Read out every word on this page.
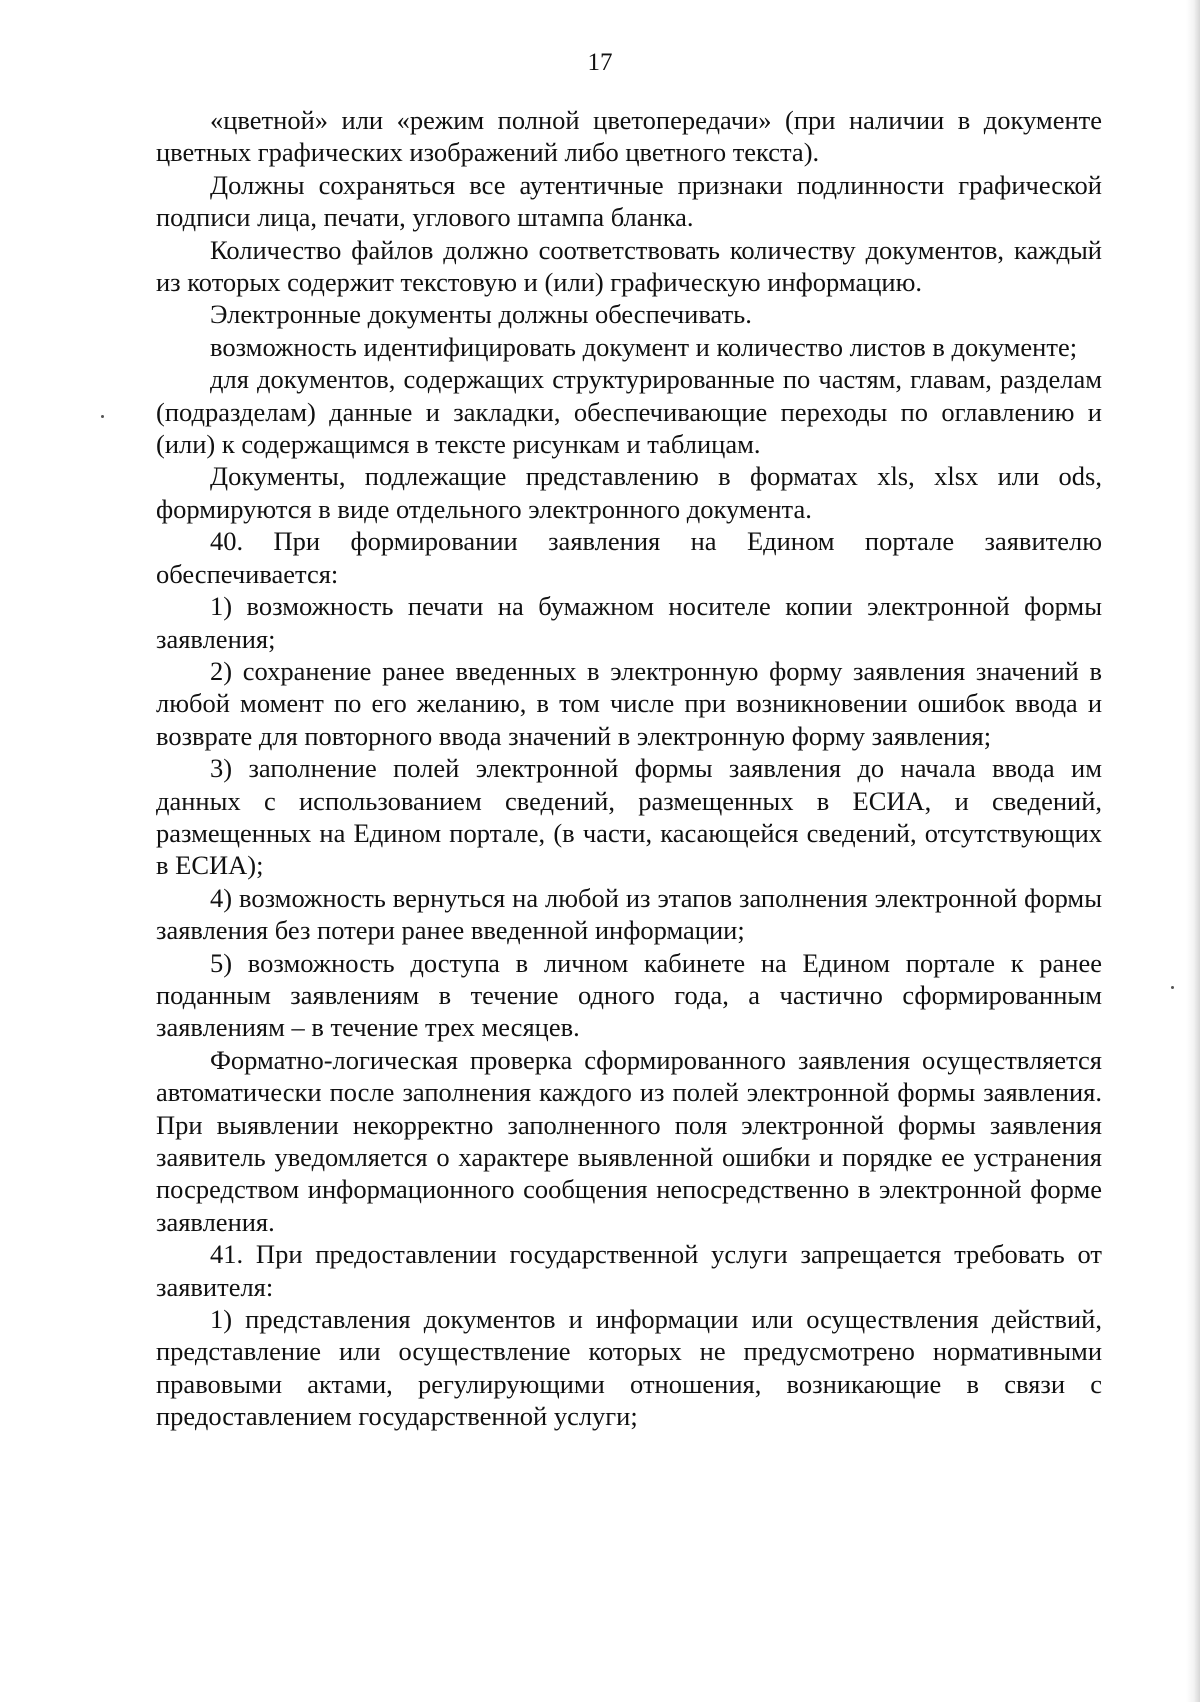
17

«цветной» или «режим полной цветопередачи» (при наличии в документе цветных графических изображений либо цветного текста).

Должны сохраняться все аутентичные признаки подлинности графической подписи лица, печати, углового штампа бланка.

Количество файлов должно соответствовать количеству документов, каждый из которых содержит текстовую и (или) графическую информацию.

Электронные документы должны обеспечивать.

возможность идентифицировать документ и количество листов в документе;

для документов, содержащих структурированные по частям, главам, разделам (подразделам) данные и закладки, обеспечивающие переходы по оглавлению и (или) к содержащимся в тексте рисункам и таблицам.

Документы, подлежащие представлению в форматах xls, xlsx или ods, формируются в виде отдельного электронного документа.

40. При формировании заявления на Едином портале заявителю обеспечивается:

1) возможность печати на бумажном носителе копии электронной формы заявления;

2) сохранение ранее введенных в электронную форму заявления значений в любой момент по его желанию, в том числе при возникновении ошибок ввода и возврате для повторного ввода значений в электронную форму заявления;

3) заполнение полей электронной формы заявления до начала ввода им данных с использованием сведений, размещенных в ЕСИА, и сведений, размещенных на Едином портале, (в части, касающейся сведений, отсутствующих в ЕСИА);

4) возможность вернуться на любой из этапов заполнения электронной формы заявления без потери ранее введенной информации;

5) возможность доступа в личном кабинете на Едином портале к ранее поданным заявлениям в течение одного года, а частично сформированным заявлениям – в течение трех месяцев.

Форматно-логическая проверка сформированного заявления осуществляется автоматически после заполнения каждого из полей электронной формы заявления. При выявлении некорректно заполненного поля электронной формы заявления заявитель уведомляется о характере выявленной ошибки и порядке ее устранения посредством информационного сообщения непосредственно в электронной форме заявления.

41. При предоставлении государственной услуги запрещается требовать от заявителя:

1) представления документов и информации или осуществления действий, представление или осуществление которых не предусмотрено нормативными правовыми актами, регулирующими отношения, возникающие в связи с предоставлением государственной услуги;
